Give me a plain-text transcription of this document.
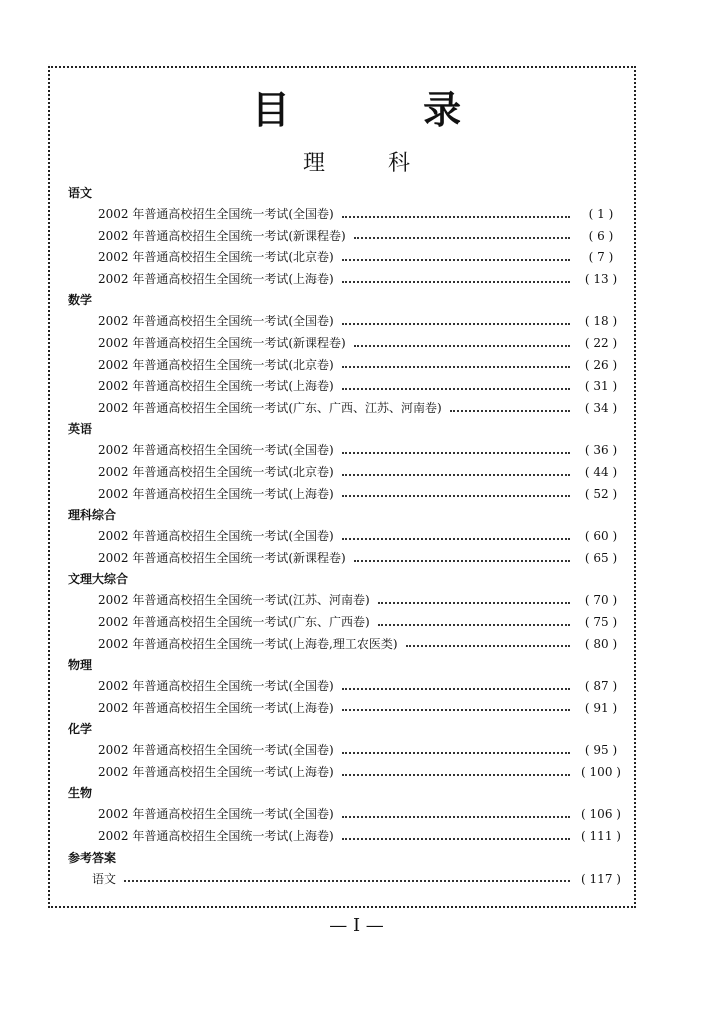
目 录
理 科
语文
2002 年普通高校招生全国统一考试(全国卷)	( 1 )
2002 年普通高校招生全国统一考试(新课程卷)	( 6 )
2002 年普通高校招生全国统一考试(北京卷)	( 7 )
2002 年普通高校招生全国统一考试(上海卷)	( 13 )
数学
2002 年普通高校招生全国统一考试(全国卷)	( 18 )
2002 年普通高校招生全国统一考试(新课程卷)	( 22 )
2002 年普通高校招生全国统一考试(北京卷)	( 26 )
2002 年普通高校招生全国统一考试(上海卷)	( 31 )
2002 年普通高校招生全国统一考试(广东、广西、江苏、河南卷)	( 34 )
英语
2002 年普通高校招生全国统一考试(全国卷)	( 36 )
2002 年普通高校招生全国统一考试(北京卷)	( 44 )
2002 年普通高校招生全国统一考试(上海卷)	( 52 )
理科综合
2002 年普通高校招生全国统一考试(全国卷)	( 60 )
2002 年普通高校招生全国统一考试(新课程卷)	( 65 )
文理大综合
2002 年普通高校招生全国统一考试(江苏、河南卷)	( 70 )
2002 年普通高校招生全国统一考试(广东、广西卷)	( 75 )
2002 年普通高校招生全国统一考试(上海卷,理工农医类)	( 80 )
物理
2002 年普通高校招生全国统一考试(全国卷)	( 87 )
2002 年普通高校招生全国统一考试(上海卷)	( 91 )
化学
2002 年普通高校招生全国统一考试(全国卷)	( 95 )
2002 年普通高校招生全国统一考试(上海卷)	( 100 )
生物
2002 年普通高校招生全国统一考试(全国卷)	( 106 )
2002 年普通高校招生全国统一考试(上海卷)	( 111 )
参考答案
语文	( 117 )
— I —
